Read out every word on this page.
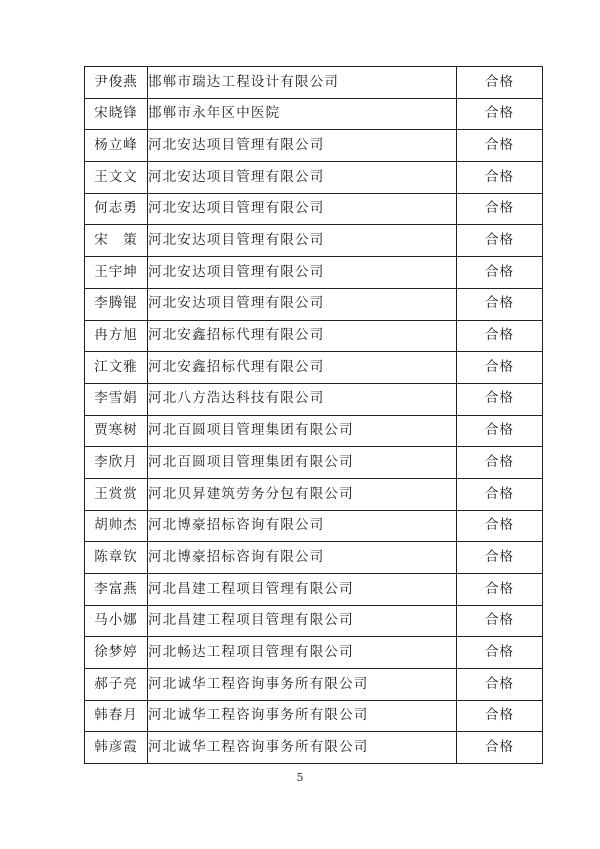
尹俊燕	邯郸市瑞达工程设计有限公司	合格
宋晓锋	邯郸市永年区中医院	合格
杨立峰	河北安达项目管理有限公司	合格
王文文	河北安达项目管理有限公司	合格
何志勇	河北安达项目管理有限公司	合格
宋　策	河北安达项目管理有限公司	合格
王宇坤	河北安达项目管理有限公司	合格
李腾锟	河北安达项目管理有限公司	合格
冉方旭	河北安鑫招标代理有限公司	合格
江文雅	河北安鑫招标代理有限公司	合格
李雪娟	河北八方浩达科技有限公司	合格
贾寒树	河北百圆项目管理集团有限公司	合格
李欣月	河北百圆项目管理集团有限公司	合格
王赏赏	河北贝昇建筑劳务分包有限公司	合格
胡帅杰	河北博豪招标咨询有限公司	合格
陈章钦	河北博豪招标咨询有限公司	合格
李富燕	河北昌建工程项目管理有限公司	合格
马小娜	河北昌建工程项目管理有限公司	合格
徐梦婷	河北畅达工程项目管理有限公司	合格
郝子亮	河北诚华工程咨询事务所有限公司	合格
韩春月	河北诚华工程咨询事务所有限公司	合格
韩彦霞	河北诚华工程咨询事务所有限公司	合格
5
